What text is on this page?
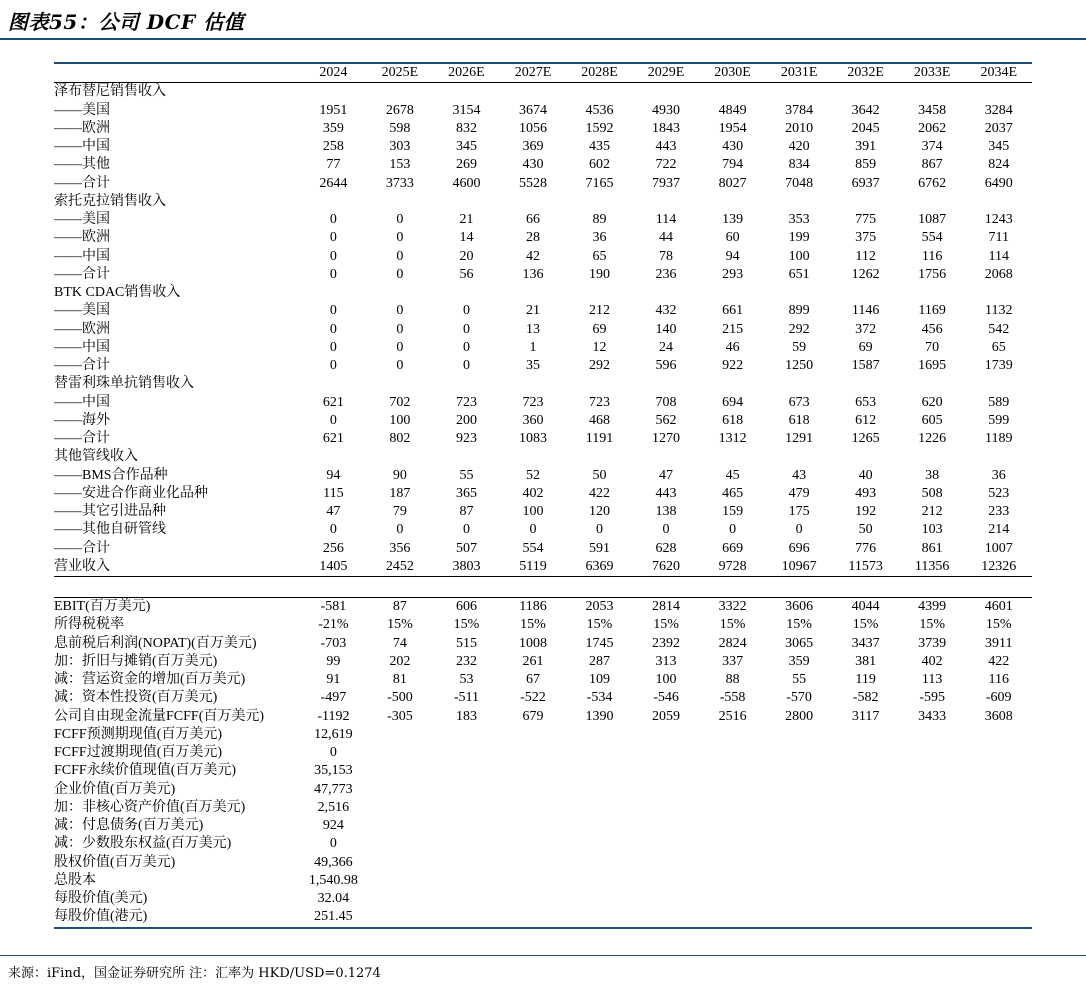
图表55：公司 DCF 估值
	2024	2025E	2026E	2027E	2028E	2029E	2030E	2031E	2032E	2033E	2034E
泽布替尼销售收入											
——美国	1951	2678	3154	3674	4536	4930	4849	3784	3642	3458	3284
——欧洲	359	598	832	1056	1592	1843	1954	2010	2045	2062	2037
——中国	258	303	345	369	435	443	430	420	391	374	345
——其他	77	153	269	430	602	722	794	834	859	867	824
——合计	2644	3733	4600	5528	7165	7937	8027	7048	6937	6762	6490
索托克拉销售收入											
——美国	0	0	21	66	89	114	139	353	775	1087	1243
——欧洲	0	0	14	28	36	44	60	199	375	554	711
——中国	0	0	20	42	65	78	94	100	112	116	114
——合计	0	0	56	136	190	236	293	651	1262	1756	2068
BTK CDAC销售收入											
——美国	0	0	0	21	212	432	661	899	1146	1169	1132
——欧洲	0	0	0	13	69	140	215	292	372	456	542
——中国	0	0	0	1	12	24	46	59	69	70	65
——合计	0	0	0	35	292	596	922	1250	1587	1695	1739
替雷利珠单抗销售收入											
——中国	621	702	723	723	723	708	694	673	653	620	589
——海外	0	100	200	360	468	562	618	618	612	605	599
——合计	621	802	923	1083	1191	1270	1312	1291	1265	1226	1189
其他管线收入											
——BMS合作品种	94	90	55	52	50	47	45	43	40	38	36
——安进合作商业化品种	115	187	365	402	422	443	465	479	493	508	523
——其它引进品种	47	79	87	100	120	138	159	175	192	212	233
——其他自研管线	0	0	0	0	0	0	0	0	50	103	214
——合计	256	356	507	554	591	628	669	696	776	861	1007
营业收入	1405	2452	3803	5119	6369	7620	9728	10967	11573	11356	12326

EBIT(百万美元)	-581	87	606	1186	2053	2814	3322	3606	4044	4399	4601
所得税税率	-21%	15%	15%	15%	15%	15%	15%	15%	15%	15%	15%
息前税后利润(NOPAT)(百万美元)	-703	74	515	1008	1745	2392	2824	3065	3437	3739	3911
加：折旧与摊销(百万美元)	99	202	232	261	287	313	337	359	381	402	422
减：营运资金的增加(百万美元)	91	81	53	67	109	100	88	55	119	113	116
减：资本性投资(百万美元)	-497	-500	-511	-522	-534	-546	-558	-570	-582	-595	-609
公司自由现金流量FCFF(百万美元)	-1192	-305	183	679	1390	2059	2516	2800	3117	3433	3608
FCFF预测期现值(百万美元)	12,619										
FCFF过渡期现值(百万美元)	0										
FCFF永续价值现值(百万美元)	35,153										
企业价值(百万美元)	47,773										
加：非核心资产价值(百万美元)	2,516										
减：付息债务(百万美元)	924										
减：少数股东权益(百万美元)	0										
股权价值(百万美元)	49,366										
总股本	1,540.98										
每股价值(美元)	32.04										
每股价值(港元)	251.45										
来源：iFind，国金证券研究所 注：汇率为 HKD/USD=0.1274
